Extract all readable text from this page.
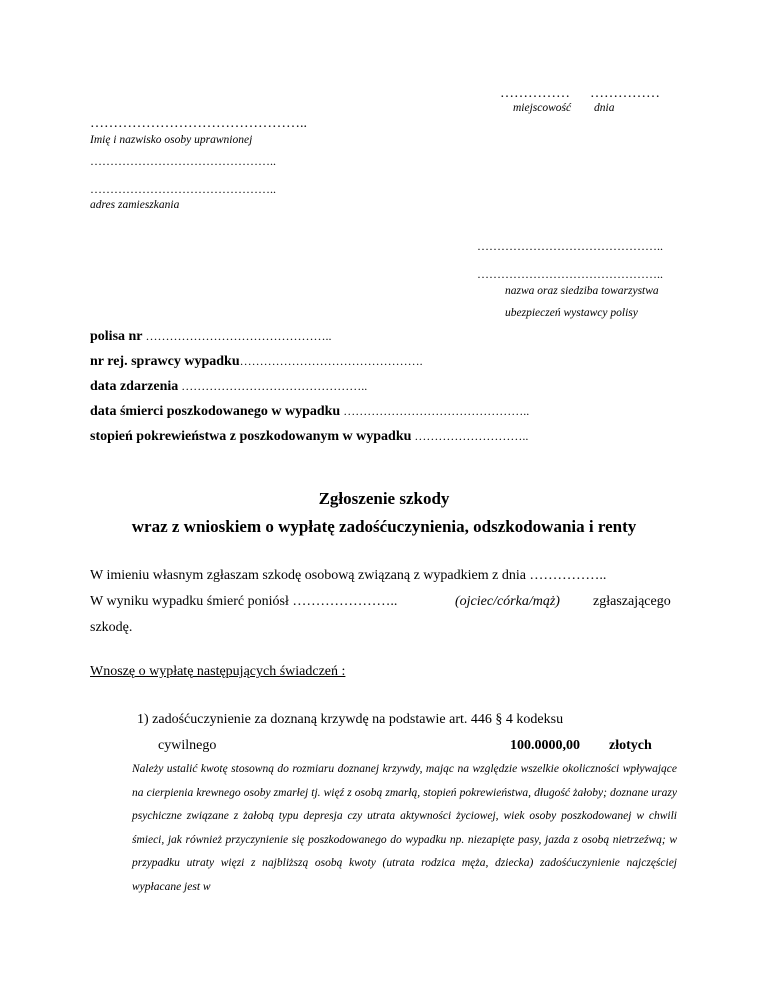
…………… ……………
miejscowość dnia
………………………………………..
Imię i nazwisko osoby uprawnionej
………………………………………..
………………………………………..
adres zamieszkania
………………………………………..
………………………………………..
nazwa oraz siedziba towarzystwa
ubezpieczeń wystawcy polisy
polisa nr ………………………………………..
nr rej. sprawcy wypadku……………………………………….
data zdarzenia ………………………………………..
data śmierci poszkodowanego w wypadku ………………………………………..
stopień pokrewieństwa z poszkodowanym w wypadku ………………………..
Zgłoszenie szkody
wraz z wnioskiem o wypłatę zadośćuczynienia, odszkodowania i renty
W imieniu własnym zgłaszam szkodę osobową związaną z wypadkiem z dnia ……………..
W wyniku wypadku śmierć poniósł …………………..	(ojciec/córka/mąż) zgłaszającego
szkodę.
Wnoszę o wypłatę następujących świadczeń :
1) zadośćuczynienie za doznaną krzywdę na podstawie art. 446 § 4 kodeksu
cywilnego	100.0000,00 złotych
Należy ustalić kwotę stosowną do rozmiaru doznanej krzywdy, mając na względzie wszelkie okoliczności wpływające na cierpienia krewnego osoby zmarłej tj. więź z osobą zmarłą, stopień pokrewieństwa, długość żałoby; doznane urazy psychiczne związane z żałobą typu depresja czy utrata aktywności życiowej, wiek osoby poszkodowanej w chwili śmieci, jak również przyczynienie się poszkodowanego do wypadku np. niezapięte pasy, jazda z osobą nietrzeźwą; w przypadku utraty więzi z najbliższą osobą kwoty (utrata rodzica męża, dziecka) zadośćuczynienie najczęściej wypłacane jest w
